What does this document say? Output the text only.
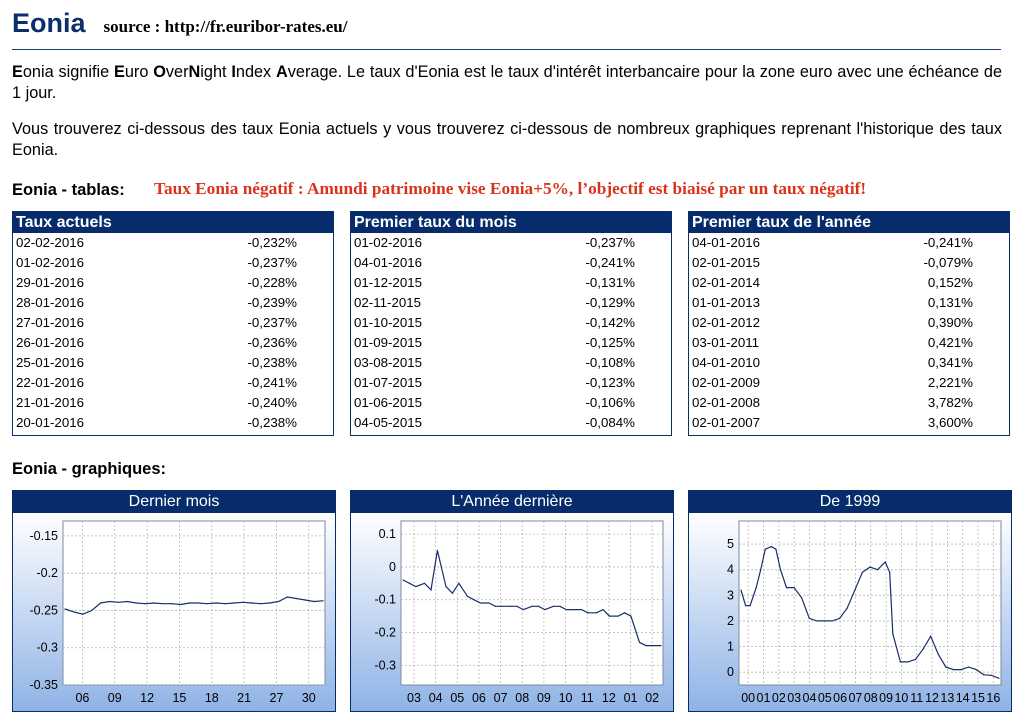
Eonia source : http://fr.euribor-rates.eu/
Eonia signifie Euro OverNight Index Average. Le taux d'Eonia est le taux d'intérêt interbancaire pour la zone euro avec une échéance de 1 jour.
Vous trouverez ci-dessous des taux Eonia actuels y vous trouverez ci-dessous de nombreux graphiques reprenant l'historique des taux Eonia.
Eonia - tablas: Taux Eonia négatif : Amundi patrimoine vise Eonia+5%, l’objectif est biaisé par un taux négatif!
Taux actuels
02-02-2016	-0,232%
01-02-2016	-0,237%
29-01-2016	-0,228%
28-01-2016	-0,239%
27-01-2016	-0,237%
26-01-2016	-0,236%
25-01-2016	-0,238%
22-01-2016	-0,241%
21-01-2016	-0,240%
20-01-2016	-0,238%
Premier taux du mois
01-02-2016	-0,237%
04-01-2016	-0,241%
01-12-2015	-0,131%
02-11-2015	-0,129%
01-10-2015	-0,142%
01-09-2015	-0,125%
03-08-2015	-0,108%
01-07-2015	-0,123%
01-06-2015	-0,106%
04-05-2015	-0,084%
Premier taux de l'année
04-01-2016	-0,241%
02-01-2015	-0,079%
02-01-2014	0,152%
01-01-2013	0,131%
02-01-2012	0,390%
03-01-2011	0,421%
04-01-2010	0,341%
02-01-2009	2,221%
02-01-2008	3,782%
02-01-2007	3,600%
Eonia - graphiques:
Dernier mois
-0.15
-0.2
-0.25
-0.3
-0.35
06 09 12 15 18 21 27 30
L'Année dernière
0.1
0
-0.1
-0.2
-0.3
03 04 05 06 07 08 09 10 11 12 01 02
De 1999
5
4
3
2
1
0
00 01 02 03 04 05 06 07 08 09 10 11 12 13 14 15 16
